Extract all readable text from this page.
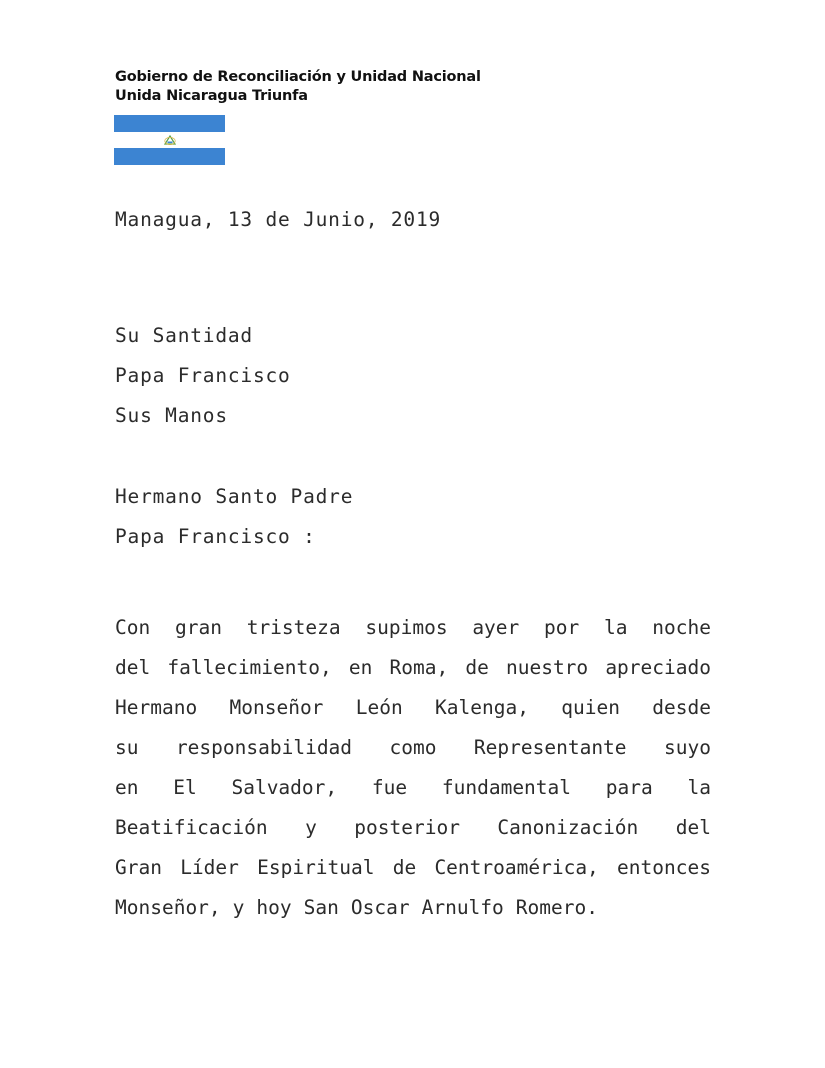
Gobierno de Reconciliación y Unidad Nacional
Unida Nicaragua Triunfa
Managua, 13 de Junio, 2019
Su Santidad
Papa Francisco
Sus Manos
Hermano Santo Padre
Papa Francisco :
Con gran tristeza supimos ayer por la noche
del fallecimiento, en Roma, de nuestro apreciado
Hermano Monseñor León Kalenga, quien desde
su responsabilidad como Representante suyo
en El Salvador, fue fundamental para la
Beatificación y posterior Canonización del
Gran Líder Espiritual de Centroamérica, entonces
Monseñor, y hoy San Oscar Arnulfo Romero.
